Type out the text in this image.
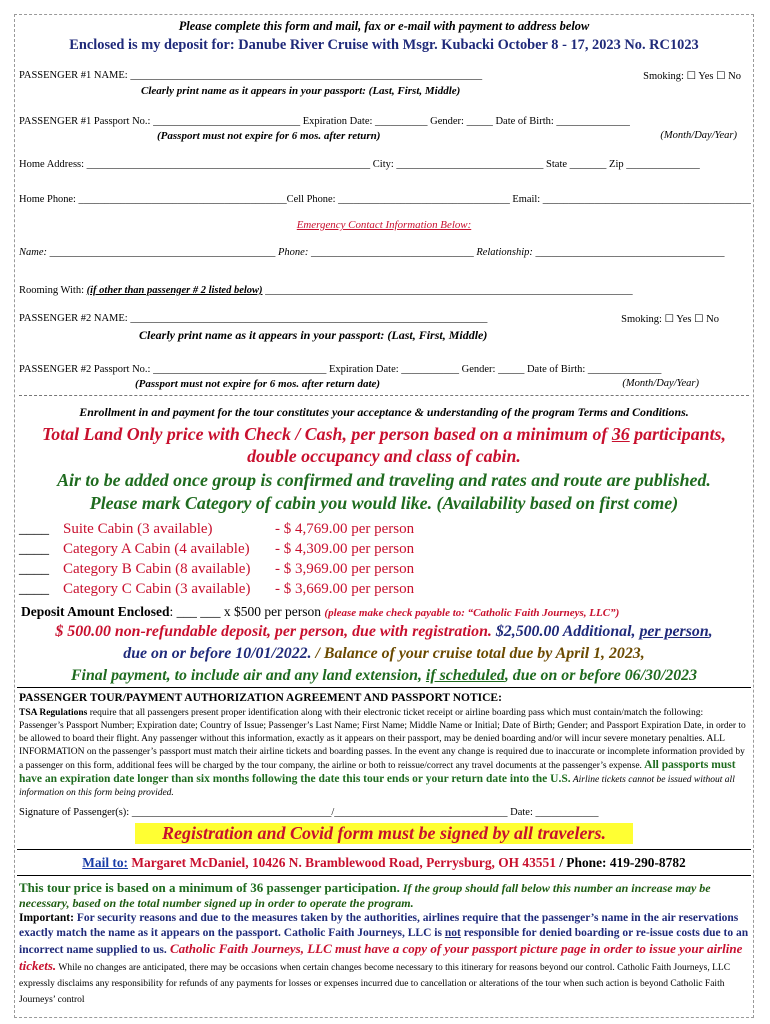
Please complete this form and mail, fax or e-mail with payment to address below
Enclosed is my deposit for: Danube River Cruise with Msgr. Kubacki October 8 - 17, 2023 No. RC1023
PASSENGER #1 NAME: ___________________________________________________________________	Smoking: ☐ Yes ☐ No
Clearly print name as it appears in your passport: (Last, First, Middle)
PASSENGER #1 Passport No.: ____________________________ Expiration Date: __________ Gender: _____ Date of Birth: ______________
(Passport must not expire for 6 mos. after return)	(Month/Day/Year)
Home Address: ______________________________________________________ City: ____________________________ State _______ Zip ______________
Home Phone: ________________________________________Cell Phone: _________________________________ Email: ________________________________________
Emergency Contact Information Below:
Name: ___________________________________________ Phone: _______________________________ Relationship: ____________________________________
Rooming With: (if other than passenger # 2 listed below) ______________________________________________________________________
PASSENGER #2 NAME: ____________________________________________________________________	Smoking: ☐ Yes ☐ No
Clearly print name as it appears in your passport: (Last, First, Middle)
PASSENGER #2 Passport No.: _________________________________ Expiration Date: ___________ Gender: _____ Date of Birth: ______________
(Passport must not expire for 6 mos. after return date)	(Month/Day/Year)
Enrollment in and payment for the tour constitutes your acceptance & understanding of the program Terms and Conditions.
Total Land Only price with Check / Cash, per person based on a minimum of 36 participants,
double occupancy and class of cabin.
Air to be added once group is confirmed and traveling and rates and route are published.
Please mark Category of cabin you would like. (Availability based on first come)
____ Suite Cabin (3 available)	- $ 4,769.00 per person
____ Category A Cabin (4 available) - $ 4,309.00 per person
____ Category B Cabin (8 available) - $ 3,969.00 per person
____ Category C Cabin (3 available) - $ 3,669.00 per person
Deposit Amount Enclosed: ___ ___ x $500 per person (please make check payable to: “Catholic Faith Journeys, LLC”)
$ 500.00 non-refundable deposit, per person, due with registration. $2,500.00 Additional, per person,
due on or before 10/01/2022. / Balance of your cruise total due by April 1, 2023,
Final payment, to include air and any land extension, if scheduled, due on or before 06/30/2023
PASSENGER TOUR/PAYMENT AUTHORIZATION AGREEMENT AND PASSPORT NOTICE:
TSA Regulations require that all passengers present proper identification along with their electronic ticket receipt or airline boarding pass which must contain/match the following: Passenger’s Passport Number; Expiration date; Country of Issue; Passenger’s Last Name; First Name; Middle Name or Initial; Date of Birth; Gender; and Passport Expiration Date, in order to be allowed to board their flight. Any passenger without this information, exactly as it appears on their passport, may be denied boarding and/or will incur severe monetary penalties. ALL INFORMATION on the passenger’s passport must match their airline tickets and boarding passes. In the event any change is required due to inaccurate or incomplete information provided by a passenger on this form, additional fees will be charged by the tour company, the airline or both to reissue/correct any travel documents at the passenger’s expense. All passports must have an expiration date longer than six months following the date this tour ends or your return date into the U.S. Airline tickets cannot be issued without all information on this form being provided.
Signature of Passenger(s): ______________________________________/_________________________________ Date: ____________
Registration and Covid form must be signed by all travelers.
Mail to: Margaret McDaniel, 10426 N. Bramblewood Road, Perrysburg, OH 43551 / Phone: 419-290-8782
This tour price is based on a minimum of 36 passenger participation. If the group should fall below this number an increase may be necessary, based on the total number signed up in order to operate the program.
Important: For security reasons and due to the measures taken by the authorities, airlines require that the passenger’s name in the air reservations exactly match the name as it appears on the passport. Catholic Faith Journeys, LLC is not responsible for denied boarding or re-issue costs due to an incorrect name supplied to us. Catholic Faith Journeys, LLC must have a copy of your passport picture page in order to issue your airline tickets. While no changes are anticipated, there may be occasions when certain changes become necessary to this itinerary for reasons beyond our control. Catholic Faith Journeys, LLC expressly disclaims any responsibility for refunds of any payments for losses or expenses incurred due to cancellation or alterations of the tour when such action is beyond Catholic Faith Journeys’ control
